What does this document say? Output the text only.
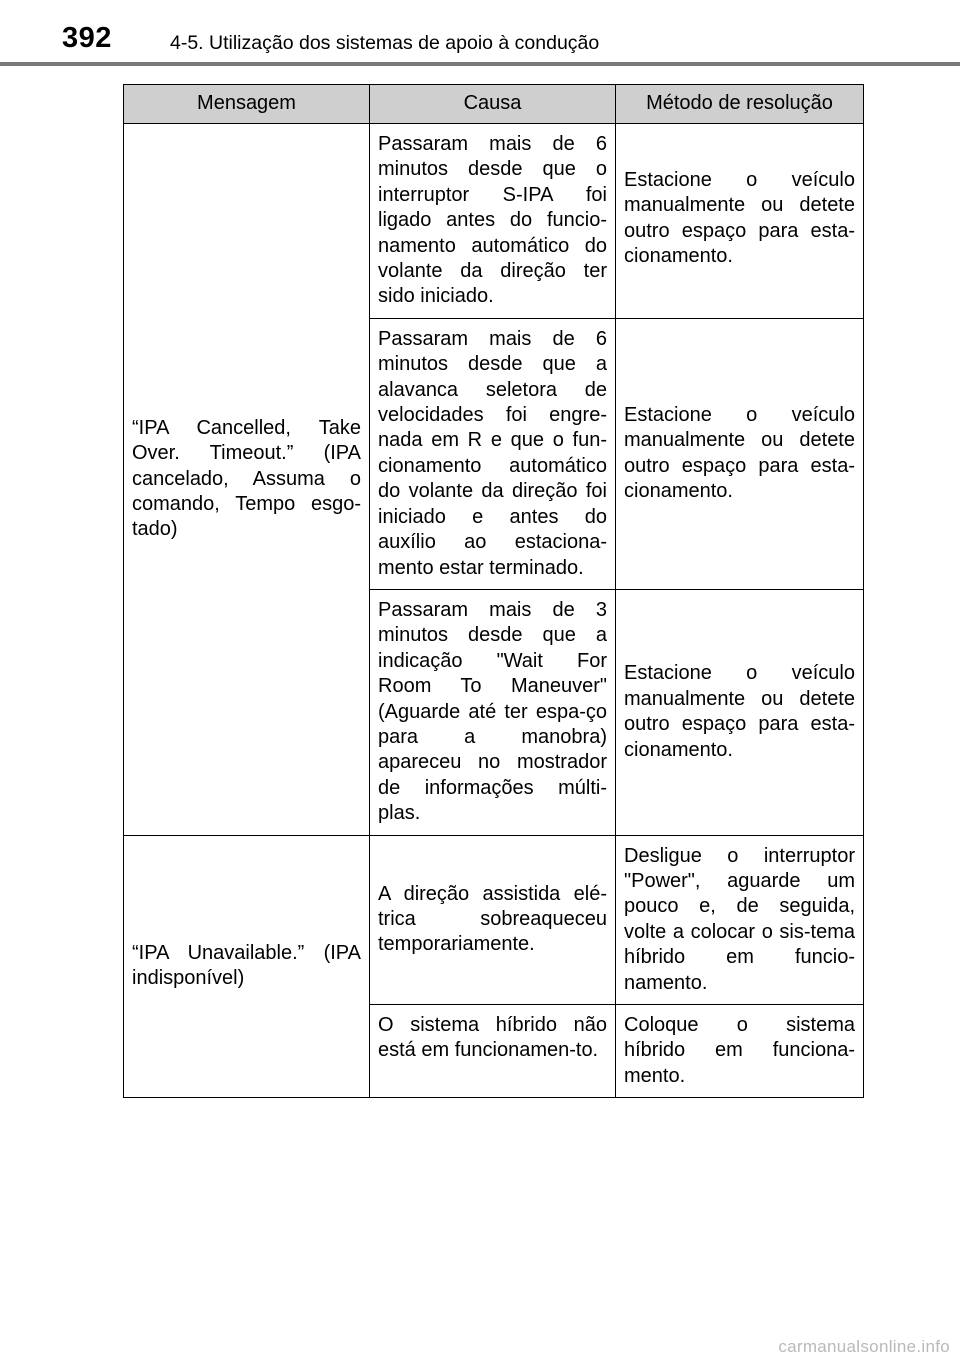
392	4-5. Utilização dos sistemas de apoio à condução
Mensagem	Causa	Método de resolução
“IPA Cancelled, Take Over. Timeout.” (IPA cancelado, Assuma o comando, Tempo esgo-tado)	Passaram mais de 6 minutos desde que o interruptor S-IPA foi ligado antes do funcio-namento automático do volante da direção ter sido iniciado.	Estacione o veículo manualmente ou detete outro espaço para esta-cionamento.
	Passaram mais de 6 minutos desde que a alavanca seletora de velocidades foi engre-nada em R e que o fun-cionamento automático do volante da direção foi iniciado e antes do auxílio ao estaciona-mento estar terminado.	Estacione o veículo manualmente ou detete outro espaço para esta-cionamento.
	Passaram mais de 3 minutos desde que a indicação "Wait For Room To Maneuver" (Aguarde até ter espa-ço para a manobra) apareceu no mostrador de informações múlti-plas.	Estacione o veículo manualmente ou detete outro espaço para esta-cionamento.
“IPA Unavailable.” (IPA indisponível)	A direção assistida elé-trica sobreaqueceu temporariamente.	Desligue o interruptor "Power", aguarde um pouco e, de seguida, volte a colocar o sis-tema híbrido em funcio-namento.
	O sistema híbrido não está em funcionamen-to.	Coloque o sistema híbrido em funciona-mento.
carmanualsonline.info
